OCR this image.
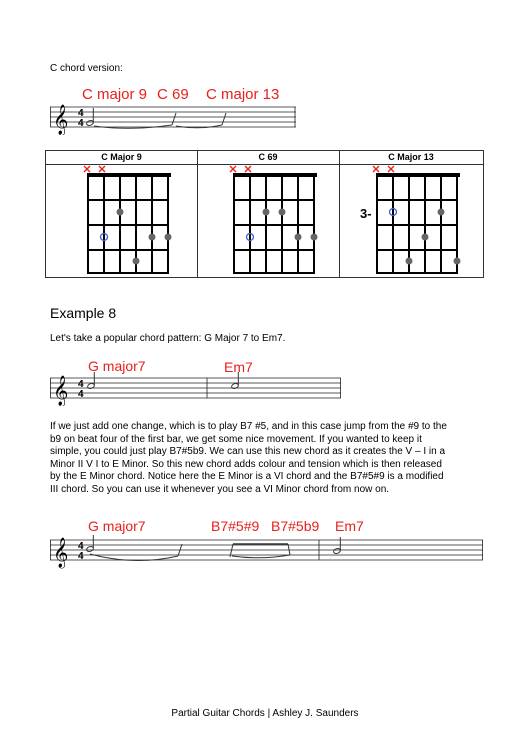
C chord version:
C major 9 C 69 C major 13
𝄞 4
4
C Major 9	C 69	C Major 13
3-
Example 8
Let's take a popular chord pattern: G Major 7 to Em7.
G major7	Em7
𝄞 4
4
If we just add one change, which is to play B7 #5, and in this case jump from the #9 to the
b9 on beat four of the first bar, we get some nice movement. If you wanted to keep it
simple, you could just play B7#5b9. We can use this new chord as it creates the V – I in a
Minor II V I to E Minor. So this new chord adds colour and tension which is then released
by the E Minor chord. Notice here the E Minor is a VI chord and the B7#5#9 is a modified
III chord. So you can use it whenever you see a VI Minor chord from now on.
G major7	B7#5#9 B7#5b9 Em7
𝄞 4
4
Partial Guitar Chords | Ashley J. Saunders
